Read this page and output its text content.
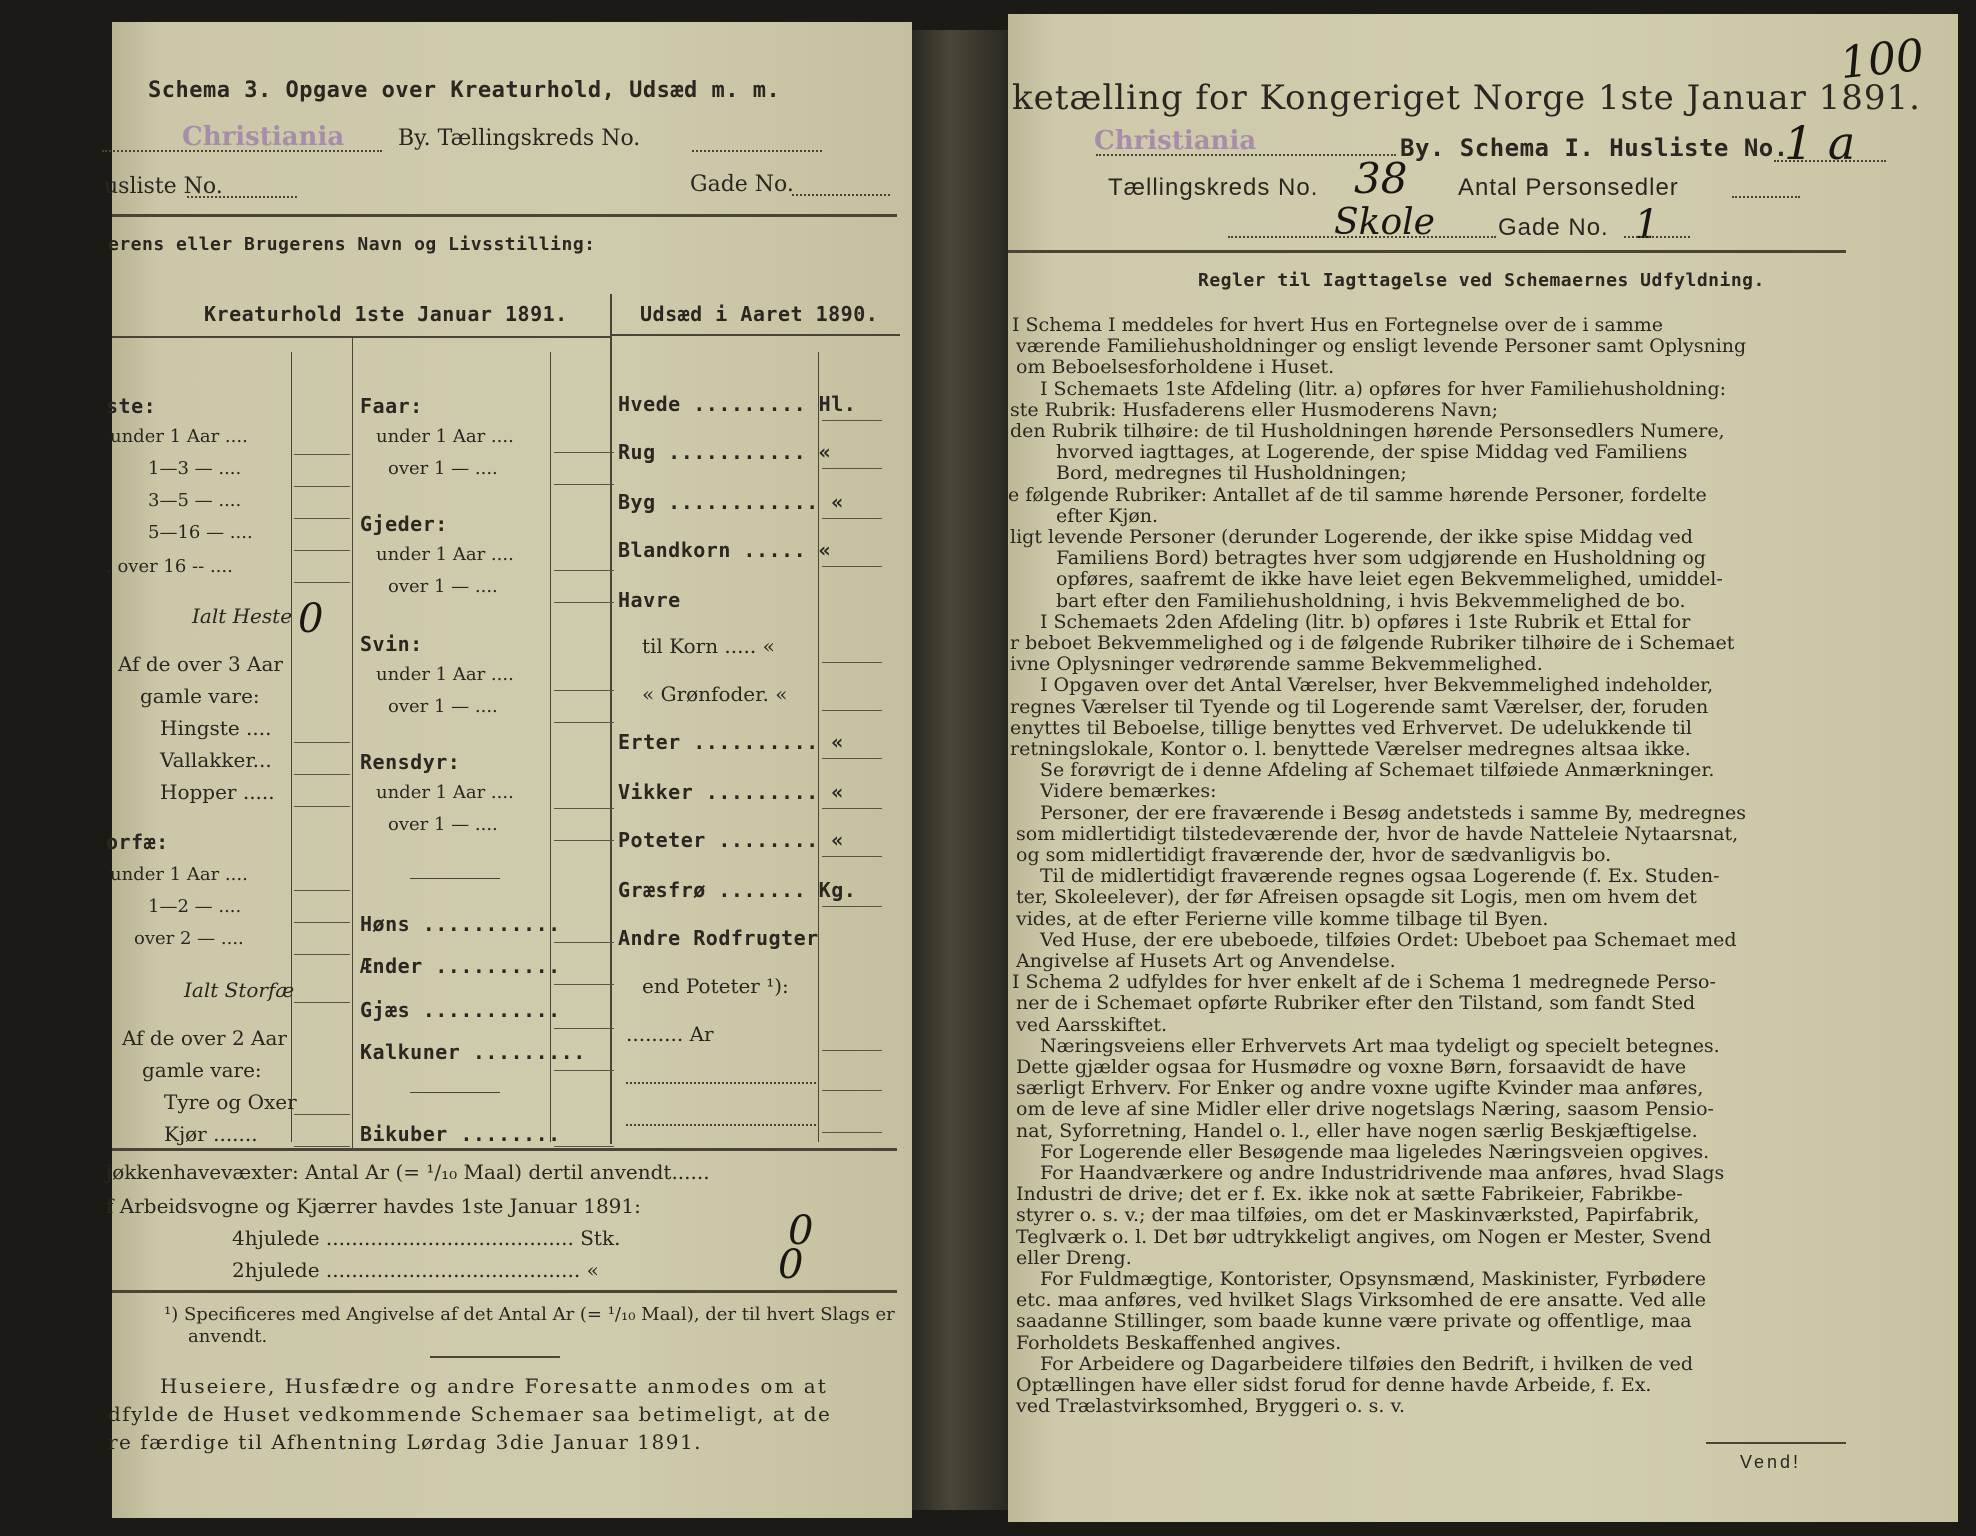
Schema 3. Opgave over Kreaturhold, Udsæd m. m.
Christiania By. Tællingskreds No.
usliste No.	Gade No.
erens eller Brugerens Navn og Livsstilling:
Kreaturhold 1ste Januar 1891.	Udsæd i Aaret 1890.
ste:
under 1 Aar ....
1—3 — ....
3—5 — ....
5—16 — ....
. over 16 -- ....
Ialt Heste 0
Af de over 3 Aar
gamle vare:
Hingste ....
Vallakker...
Hopper .....
orfæ:
under 1 Aar ....
1—2 — ....
over 2 — ....
Ialt Storfæ
Af de over 2 Aar
gamle vare:
Tyre og Oxer
Kjør .......
Faar:
under 1 Aar ....
over 1 — ....
Gjeder:
under 1 Aar ....
over 1 — ....
Svin:
under 1 Aar ....
over 1 — ....
Rensdyr:
under 1 Aar ....
over 1 — ....
Høns ...........
Ænder ..........
Gjæs ...........
Kalkuner .........
Bikuber ........
Hvede ......... Hl.
Rug ........... «
Byg ............ «
Blandkorn ..... «
Havre
til Korn ..... «
« Grønfoder. «
Erter .......... «
Vikker ......... «
Poteter ........ «
Græsfrø ....... Kg.
Andre Rodfrugter
end Poteter ¹):
......... Ar
jøkkenhavevæxter: Antal Ar (= ¹/₁₀ Maal) dertil anvendt......
f Arbeidsvogne og Kjærrer havdes 1ste Januar 1891:
4hjulede ....................................... Stk.	0
2hjulede ........................................ «	0
¹) Specificeres med Angivelse af det Antal Ar (= ¹/₁₀ Maal), der til hvert Slags er
anvendt.
Huseiere, Husfædre og andre Foresatte anmodes om at
dfylde de Huset vedkommende Schemaer saa betimeligt, at de
re færdige til Afhentning Lørdag 3die Januar 1891.
100
ketælling for Kongeriget Norge 1ste Januar 1891.
Christiania	By. Schema I. Husliste No.
1 a
Tællingskreds No. 38 Antal Personsedler
Skole	Gade No. 1
Regler til Iagttagelse ved Schemaernes Udfyldning.
I Schema I meddeles for hvert Hus en Fortegnelse over de i samme
værende Familiehusholdninger og ensligt levende Personer samt Oplysning
om Beboelsesforholdene i Huset.
I Schemaets 1ste Afdeling (litr. a) opføres for hver Familiehusholdning:
ste Rubrik: Husfaderens eller Husmoderens Navn;
den Rubrik tilhøire: de til Husholdningen hørende Personsedlers Numere,
hvorved iagttages, at Logerende, der spise Middag ved Familiens
Bord, medregnes til Husholdningen;
e følgende Rubriker: Antallet af de til samme hørende Personer, fordelte
efter Kjøn.
ligt levende Personer (derunder Logerende, der ikke spise Middag ved
Familiens Bord) betragtes hver som udgjørende en Husholdning og
opføres, saafremt de ikke have leiet egen Bekvemmelighed, umiddel-
bart efter den Familiehusholdning, i hvis Bekvemmelighed de bo.
I Schemaets 2den Afdeling (litr. b) opføres i 1ste Rubrik et Ettal for
r beboet Bekvemmelighed og i de følgende Rubriker tilhøire de i Schemaet
ivne Oplysninger vedrørende samme Bekvemmelighed.
I Opgaven over det Antal Værelser, hver Bekvemmelighed indeholder,
regnes Værelser til Tyende og til Logerende samt Værelser, der, foruden
enyttes til Beboelse, tillige benyttes ved Erhvervet. De udelukkende til
retningslokale, Kontor o. l. benyttede Værelser medregnes altsaa ikke.
Se forøvrigt de i denne Afdeling af Schemaet tilføiede Anmærkninger.
Videre bemærkes:
Personer, der ere fraværende i Besøg andetsteds i samme By, medregnes
som midlertidigt tilstedeværende der, hvor de havde Natteleie Nytaarsnat,
og som midlertidigt fraværende der, hvor de sædvanligvis bo.
Til de midlertidigt fraværende regnes ogsaa Logerende (f. Ex. Studen-
ter, Skoleelever), der før Afreisen opsagde sit Logis, men om hvem det
vides, at de efter Ferierne ville komme tilbage til Byen.
Ved Huse, der ere ubeboede, tilføies Ordet: Ubeboet paa Schemaet med
Angivelse af Husets Art og Anvendelse.
I Schema 2 udfyldes for hver enkelt af de i Schema 1 medregnede Perso-
ner de i Schemaet opførte Rubriker efter den Tilstand, som fandt Sted
ved Aarsskiftet.
Næringsveiens eller Erhvervets Art maa tydeligt og specielt betegnes.
Dette gjælder ogsaa for Husmødre og voxne Børn, forsaavidt de have
særligt Erhverv. For Enker og andre voxne ugifte Kvinder maa anføres,
om de leve af sine Midler eller drive nogetslags Næring, saasom Pensio-
nat, Syforretning, Handel o. l., eller have nogen særlig Beskjæftigelse.
For Logerende eller Besøgende maa ligeledes Næringsveien opgives.
For Haandværkere og andre Industridrivende maa anføres, hvad Slags
Industri de drive; det er f. Ex. ikke nok at sætte Fabrikeier, Fabrikbe-
styrer o. s. v.; der maa tilføies, om det er Maskinværksted, Papirfabrik,
Teglværk o. l. Det bør udtrykkeligt angives, om Nogen er Mester, Svend
eller Dreng.
For Fuldmægtige, Kontorister, Opsynsmænd, Maskinister, Fyrbødere
etc. maa anføres, ved hvilket Slags Virksomhed de ere ansatte. Ved alle
saadanne Stillinger, som baade kunne være private og offentlige, maa
Forholdets Beskaffenhed angives.
For Arbeidere og Dagarbeidere tilføies den Bedrift, i hvilken de ved
Optællingen have eller sidst forud for denne havde Arbeide, f. Ex.
ved Trælastvirksomhed, Bryggeri o. s. v.
Vend!
